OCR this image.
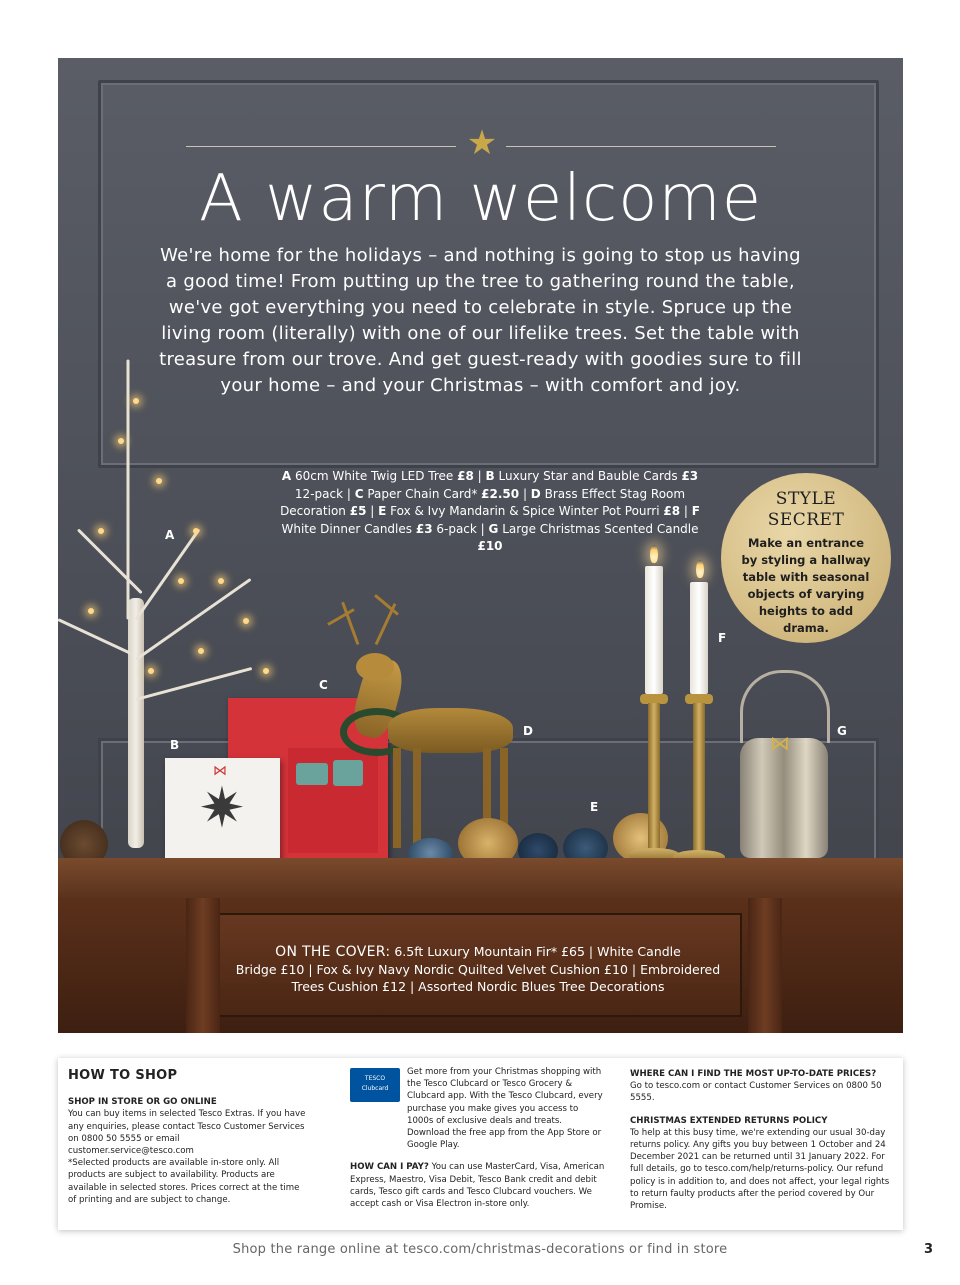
★
A warm welcome
We're home for the holidays – and nothing is going to stop us having a good time! From putting up the tree to gathering round the table, we've got everything you need to celebrate in style. Spruce up the living room (literally) with one of our lifelike trees. Set the table with treasure from our trove. And get guest-ready with goodies sure to fill your home – and your Christmas – with comfort and joy.
A 60cm White Twig LED Tree £8 | B Luxury Star and Bauble Cards £3 12-pack | C Paper Chain Card* £2.50 | D Brass Effect Stag Room Decoration £5 | E Fox & Ivy Mandarin & Spice Winter Pot Pourri £8 | F White Dinner Candles £3 6-pack | G Large Christmas Scented Candle £10
STYLE
SECRET
Make an entrance by styling a hallway table with seasonal objects of varying heights to add drama.
⋈
✷
⋈
A
B
C
D
E
F
G
ON THE COVER: 6.5ft Luxury Mountain Fir* £65 | White Candle
Bridge £10 | Fox & Ivy Navy Nordic Quilted Velvet Cushion £10 | Embroidered
Trees Cushion £12 | Assorted Nordic Blues Tree Decorations
HOW TO SHOP
SHOP IN STORE OR GO ONLINE
You can buy items in selected Tesco Extras. If you have any enquiries, please contact Tesco Customer Services on 0800 50 5555 or email customer.service@tesco.com
*Selected products are available in-store only. All products are subject to availability. Products are available in selected stores. Prices correct at the time of printing and are subject to change.
TESCO
Clubcard
Get more from your Christmas shopping with the Tesco Clubcard or Tesco Grocery & Clubcard app. With the Tesco Clubcard, every purchase you make gives you access to 1000s of exclusive deals and treats. Download the free app from the App Store or Google Play.
HOW CAN I PAY? You can use MasterCard, Visa, American Express, Maestro, Visa Debit, Tesco Bank credit and debit cards, Tesco gift cards and Tesco Clubcard vouchers. We accept cash or Visa Electron in-store only.
WHERE CAN I FIND THE MOST UP-TO-DATE PRICES?
Go to tesco.com or contact Customer Services on 0800 50 5555.
CHRISTMAS EXTENDED RETURNS POLICY
To help at this busy time, we're extending our usual 30-day returns policy. Any gifts you buy between 1 October and 24 December 2021 can be returned until 31 January 2022. For full details, go to tesco.com/help/returns-policy. Our refund policy is in addition to, and does not affect, your legal rights to return faulty products after the period covered by Our Promise.
Shop the range online at tesco.com/christmas-decorations or find in store	3
